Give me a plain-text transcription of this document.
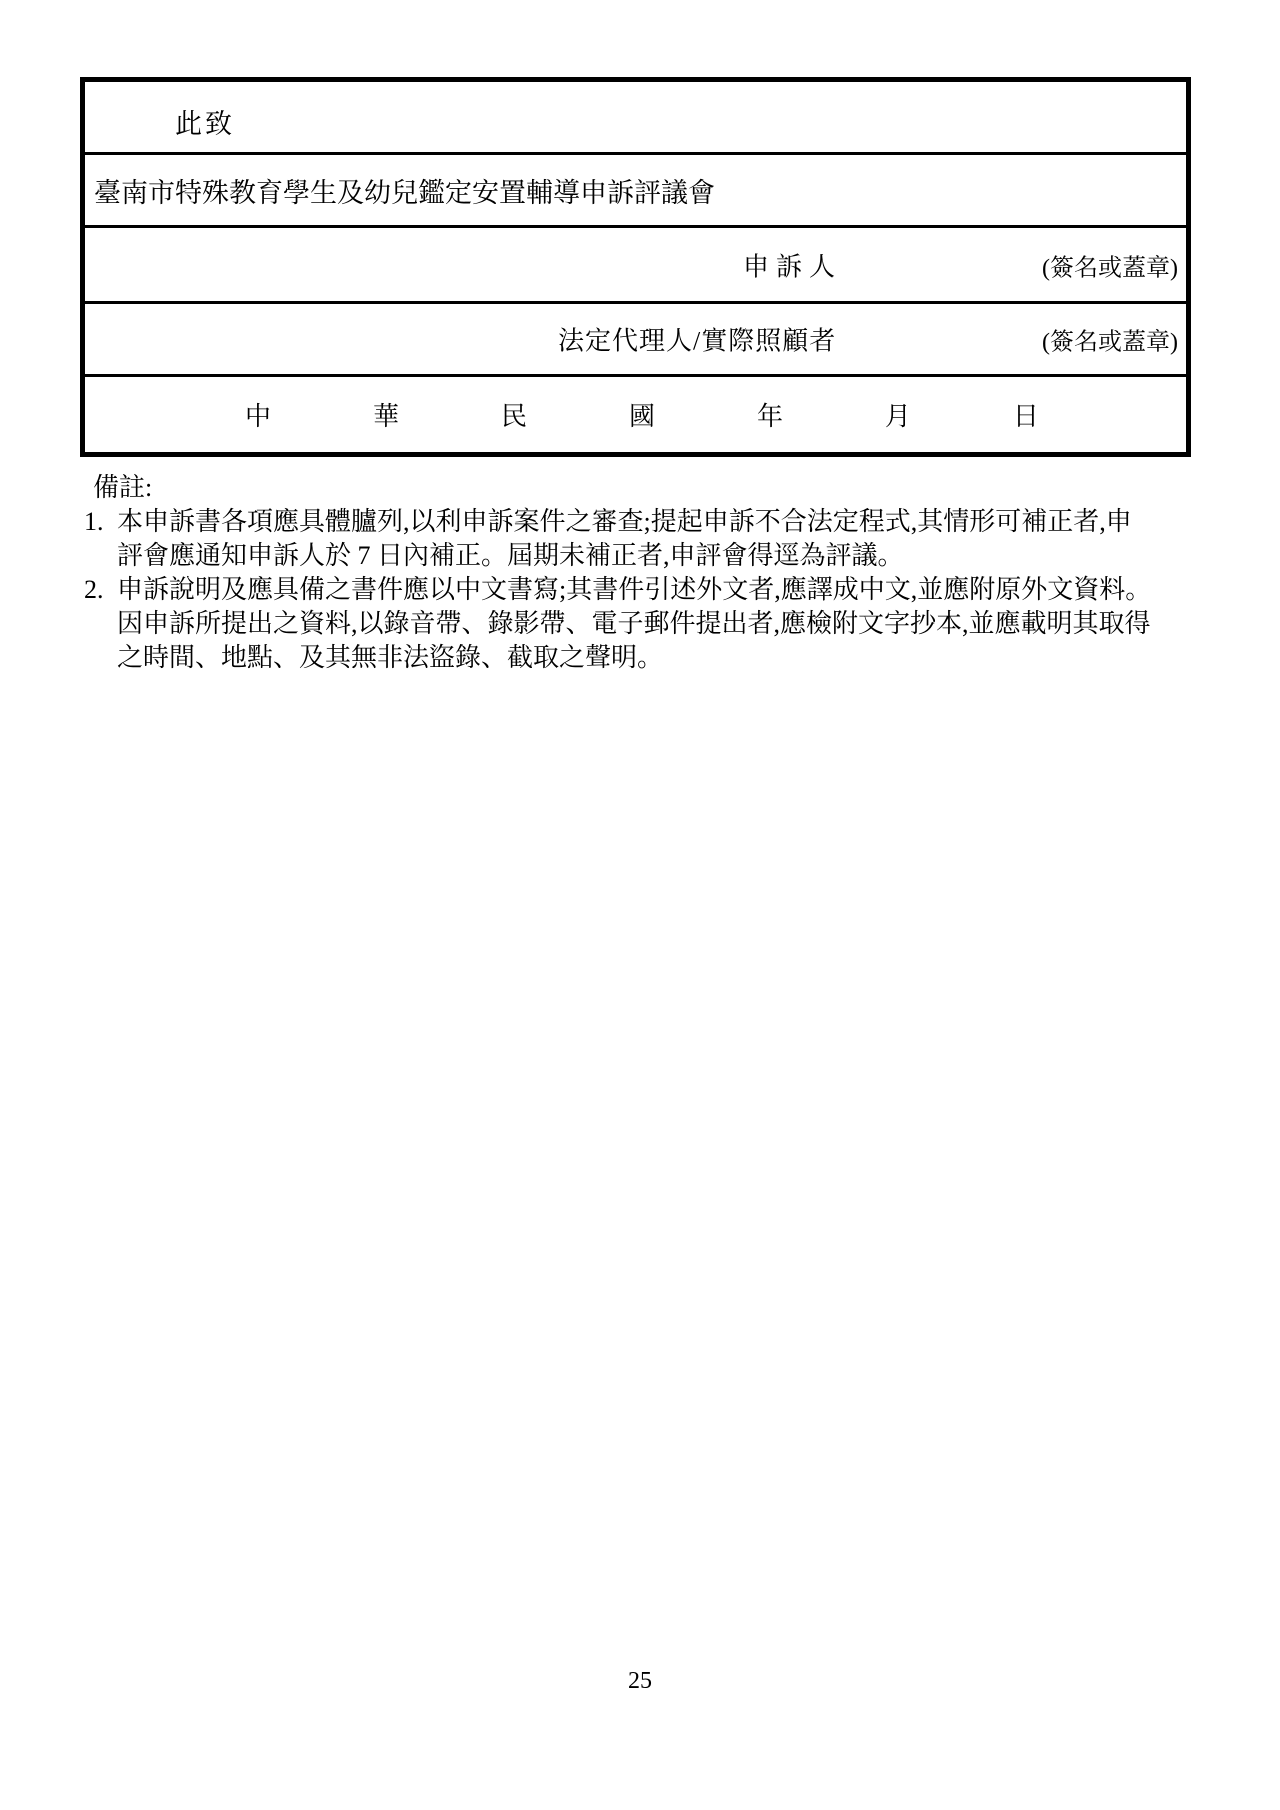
此致
臺南市特殊教育學生及幼兒鑑定安置輔導申訴評議會
申訴人	(簽名或蓋章)
法定代理人/實際照顧者	(簽名或蓋章)
中	華	民	國	年	月	日
備註:
1. 本申訴書各項應具體臚列,以利申訴案件之審查;提起申訴不合法定程式,其情形可補正者,申
評會應通知申訴人於 7 日內補正。屆期未補正者,申評會得逕為評議。
2. 申訴說明及應具備之書件應以中文書寫;其書件引述外文者,應譯成中文,並應附原外文資料。
因申訴所提出之資料,以錄音帶、錄影帶、電子郵件提出者,應檢附文字抄本,並應載明其取得
之時間、地點、及其無非法盜錄、截取之聲明。
25
